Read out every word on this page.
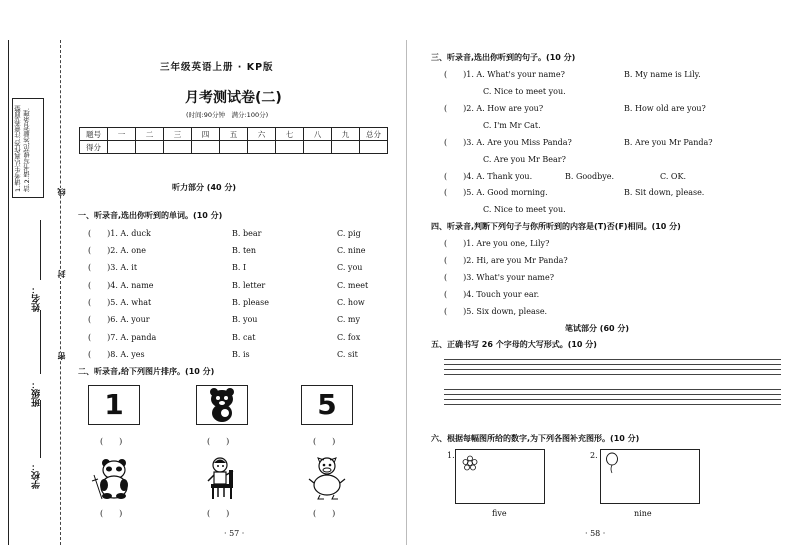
1.请考生认真作答.注意卷面整洁.2.请书写规范,答题有条理.
学校：
班级：
姓名：
线
封
密
三年级英语上册 · KP版
月考测试卷(二)
(时间:90分钟　满分:100分)
题号	一	二	三	四	五	六	七	八	九	总分
得分										
听力部分 (40 分)
一、听录音,选出你听到的单词。(10 分)
(　　)1. A. duck	B. bear	C. pig
(　　)2. A. one	B. ten	C. nine
(　　)3. A. it	B. I	C. you
(　　)4. A. name	B. letter	C. meet
(　　)5. A. what	B. please	C. how
(　　)6. A. your	B. you	C. my
(　　)7. A. panda	B. cat	C. fox
(　　)8. A. yes	B. is	C. sit
二、听录音,给下列图片排序。(10 分)
1	5
(　　)	(　　)	(　　)
(　　)	(　　)	(　　)
· 57 ·
三、听录音,选出你听到的句子。(10 分)
(　　)1. A. What's your name?	B. My name is Lily.
C. Nice to meet you.
(　　)2. A. How are you?	B. How old are you?
C. I'm Mr Cat.
(　　)3. A. Are you Miss Panda?	B. Are you Mr Panda?
C. Are you Mr Bear?
(　　)4. A. Thank you.	B. Goodbye.	C. OK.
(　　)5. A. Good morning.	B. Sit down, please.
C. Nice to meet you.
四、听录音,判断下列句子与你所听到的内容是(T)否(F)相同。(10 分)
(　　)1. Are you one, Lily?
(　　)2. Hi, are you Mr Panda?
(　　)3. What's your name?
(　　)4. Touch your ear.
(　　)5. Six down, please.
笔试部分 (60 分)
五、正确书写 26 个字母的大写形式。(10 分)
六、根据每幅图所给的数字,为下列各图补充图形。(10 分)
1.
five
2.
nine
· 58 ·
